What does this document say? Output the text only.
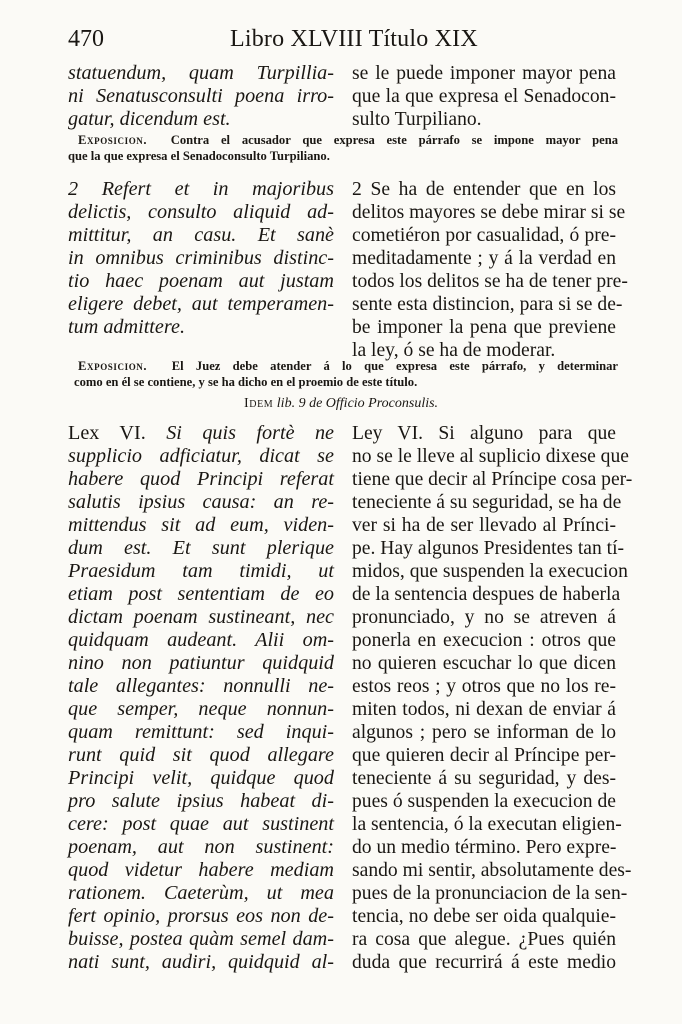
470	Libro XLVIII Título XIX
statuendum, quam Turpillia-
ni Senatusconsulti poena irro-
gatur, dicendum est.
se le puede imponer mayor pena
que la que expresa el Senadocon-
sulto Turpiliano.
Exposicion. Contra el acusador que expresa este párrafo se impone mayor pena
que la que expresa el Senadoconsulto Turpiliano.
2 Refert et in majoribus
delictis, consulto aliquid ad-
mittitur, an casu. Et sanè
in omnibus criminibus distinc-
tio haec poenam aut justam
eligere debet, aut temperamen-
tum admittere.
2 Se ha de entender que en los
delitos mayores se debe mirar si se
cometiéron por casualidad, ó pre-
meditadamente ; y á la verdad en
todos los delitos se ha de tener pre-
sente esta distincion, para si se de-
be imponer la pena que previene
la ley, ó se ha de moderar.
Exposicion. El Juez debe atender á lo que expresa este párrafo, y determinar
como en él se contiene, y se ha dicho en el proemio de este título.
Idem lib. 9 de Officio Proconsulis.
Lex VI. Si quis fortè ne
supplicio adficiatur, dicat se
habere quod Principi referat
salutis ipsius causa: an re-
mittendus sit ad eum, viden-
dum est. Et sunt plerique
Praesidum tam timidi, ut
etiam post sententiam de eo
dictam poenam sustineant, nec
quidquam audeant. Alii om-
nino non patiuntur quidquid
tale allegantes: nonnulli ne-
que semper, neque nonnun-
quam remittunt: sed inqui-
runt quid sit quod allegare
Principi velit, quidque quod
pro salute ipsius habeat di-
cere: post quae aut sustinent
poenam, aut non sustinent:
quod videtur habere mediam
rationem. Caeterùm, ut mea
fert opinio, prorsus eos non de-
buisse, postea quàm semel dam-
nati sunt, audiri, quidquid al-
Ley VI. Si alguno para que
no se le lleve al suplicio dixese que
tiene que decir al Príncipe cosa per-
teneciente á su seguridad, se ha de
ver si ha de ser llevado al Prínci-
pe. Hay algunos Presidentes tan tí-
midos, que suspenden la execucion
de la sentencia despues de haberla
pronunciado, y no se atreven á
ponerla en execucion : otros que
no quieren escuchar lo que dicen
estos reos ; y otros que no los re-
miten todos, ni dexan de enviar á
algunos ; pero se informan de lo
que quieren decir al Príncipe per-
teneciente á su seguridad, y des-
pues ó suspenden la execucion de
la sentencia, ó la executan eligien-
do un medio término. Pero expre-
sando mi sentir, absolutamente des-
pues de la pronunciacion de la sen-
tencia, no debe ser oida qualquie-
ra cosa que alegue. ¿Pues quién
duda que recurrirá á este medio
